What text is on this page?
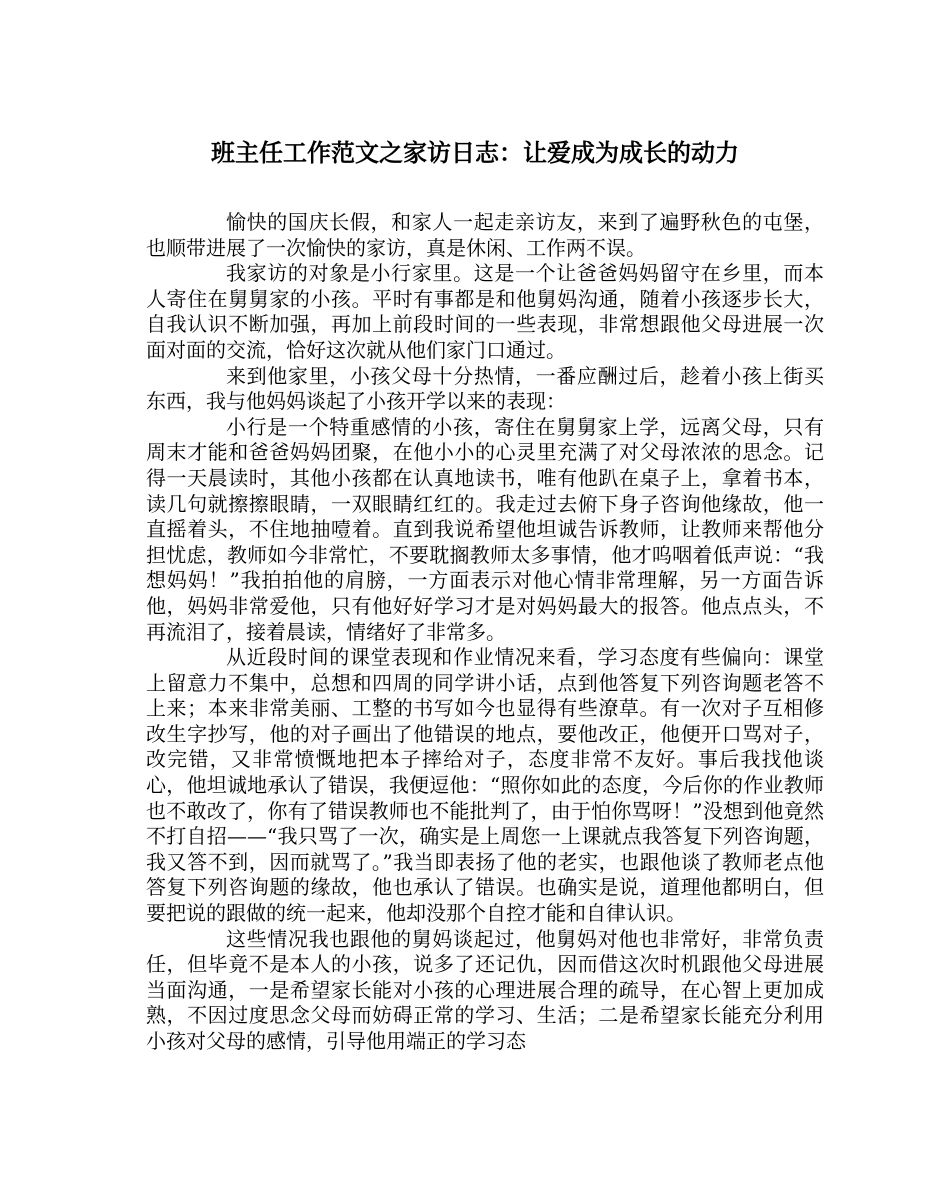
班主任工作范文之家访日志：让爱成为成长的动力

愉快的国庆长假，和家人一起走亲访友，来到了遍野秋色的屯堡，也顺带进展了一次愉快的家访，真是休闲、工作两不误。

我家访的对象是小行家里。这是一个让爸爸妈妈留守在乡里，而本人寄住在舅舅家的小孩。平时有事都是和他舅妈沟通，随着小孩逐步长大，自我认识不断加强，再加上前段时间的一些表现，非常想跟他父母进展一次面对面的交流，恰好这次就从他们家门口通过。

来到他家里，小孩父母十分热情，一番应酬过后，趁着小孩上街买东西，我与他妈妈谈起了小孩开学以来的表现：

小行是一个特重感情的小孩，寄住在舅舅家上学，远离父母，只有周末才能和爸爸妈妈团聚，在他小小的心灵里充满了对父母浓浓的思念。记得一天晨读时，其他小孩都在认真地读书，唯有他趴在桌子上，拿着书本，读几句就擦擦眼睛，一双眼睛红红的。我走过去俯下身子咨询他缘故，他一直摇着头，不住地抽噎着。直到我说希望他坦诚告诉教师，让教师来帮他分担忧虑，教师如今非常忙，不要耽搁教师太多事情，他才呜咽着低声说：“我想妈妈！”我拍拍他的肩膀，一方面表示对他心情非常理解，另一方面告诉他，妈妈非常爱他，只有他好好学习才是对妈妈最大的报答。他点点头，不再流泪了，接着晨读，情绪好了非常多。

从近段时间的课堂表现和作业情况来看，学习态度有些偏向：课堂上留意力不集中，总想和四周的同学讲小话，点到他答复下列咨询题老答不上来；本来非常美丽、工整的书写如今也显得有些潦草。有一次对子互相修改生字抄写，他的对子画出了他错误的地点，要他改正，他便开口骂对子，改完错，又非常愤慨地把本子摔给对子，态度非常不友好。事后我找他谈心，他坦诚地承认了错误，我便逗他：“照你如此的态度，今后你的作业教师也不敢改了，你有了错误教师也不能批判了，由于怕你骂呀！”没想到他竟然不打自招——“我只骂了一次，确实是上周您一上课就点我答复下列咨询题，我又答不到，因而就骂了。”我当即表扬了他的老实，也跟他谈了教师老点他答复下列咨询题的缘故，他也承认了错误。也确实是说，道理他都明白，但要把说的跟做的统一起来，他却没那个自控才能和自律认识。

这些情况我也跟他的舅妈谈起过，他舅妈对他也非常好，非常负责任，但毕竟不是本人的小孩，说多了还记仇，因而借这次时机跟他父母进展当面沟通，一是希望家长能对小孩的心理进展合理的疏导，在心智上更加成熟，不因过度思念父母而妨碍正常的学习、生活；二是希望家长能充分利用小孩对父母的感情，引导他用端正的学习态
